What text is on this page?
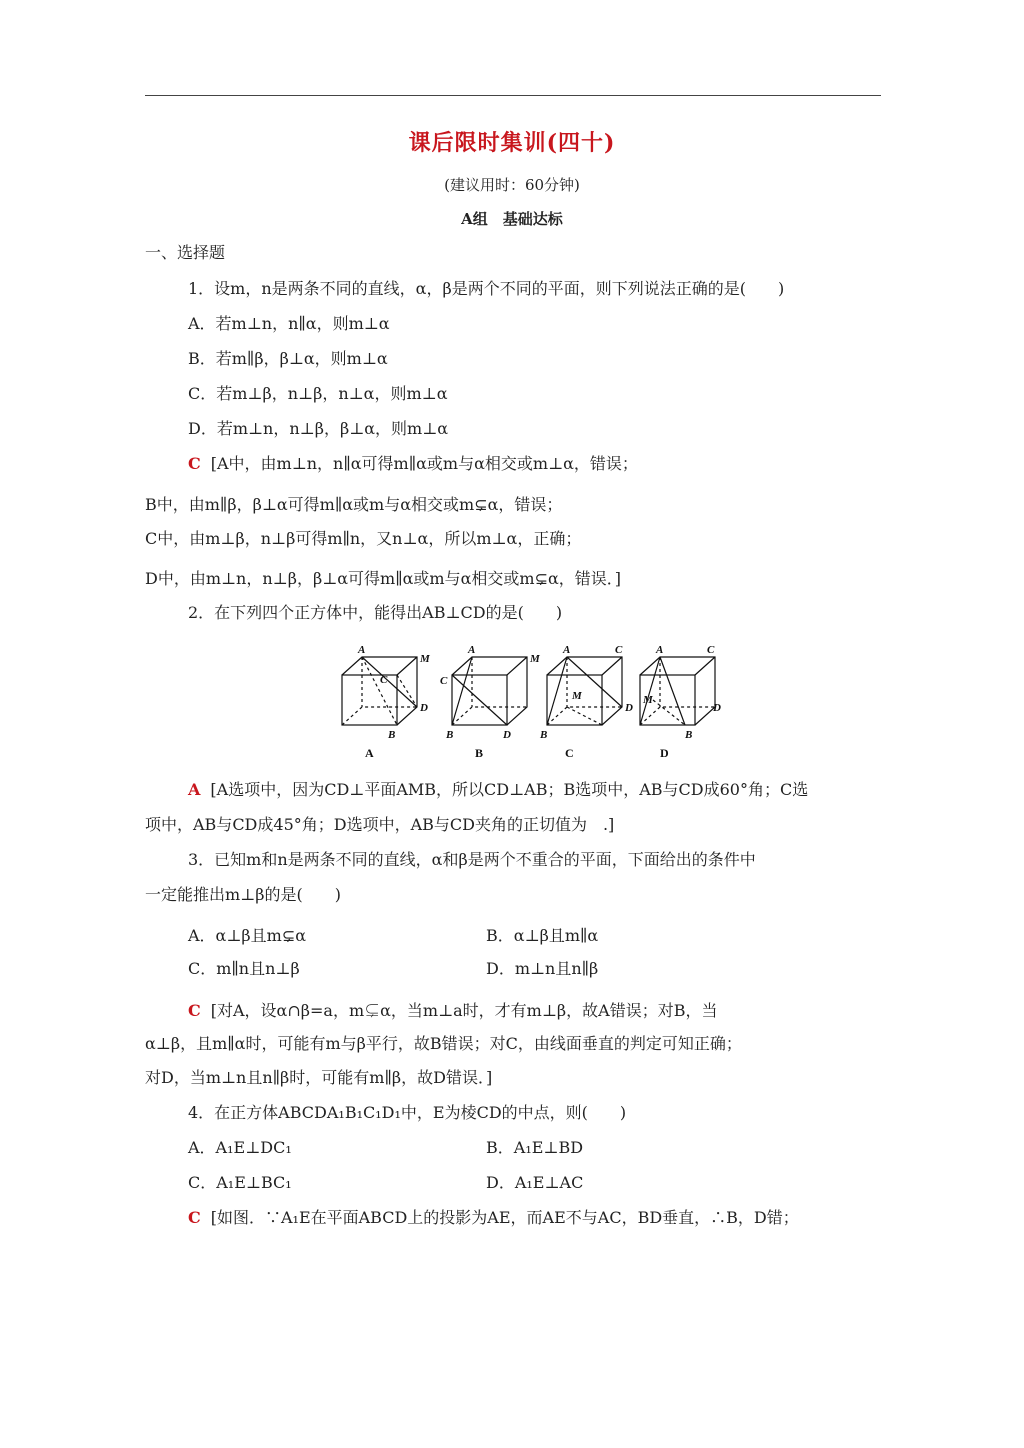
课后限时集训(四十)
(建议用时：60分钟)
A组　基础达标
一、选择题
1．设m，n是两条不同的直线，α，β是两个不同的平面，则下列说法正确的是(　　)
A．若m⊥n，n∥α，则m⊥α
B．若m∥β，β⊥α，则m⊥α
C．若m⊥β，n⊥β，n⊥α，则m⊥α
D．若m⊥n，n⊥β，β⊥α，则m⊥α
C [A中，由m⊥n，n∥α可得m∥α或m与α相交或m⊥α，错误；
B中，由m∥β，β⊥α可得m∥α或m与α相交或m⊊α，错误；
C中，由m⊥β，n⊥β可得m∥n，又n⊥α，所以m⊥α，正确；
D中，由m⊥n，n⊥β，β⊥α可得m∥α或m与α相交或m⊊α，错误．]
2．在下列四个正方体中，能得出AB⊥CD的是(　　)
A
M
C
D
B
A
A
M
C
D
B
B
A	C
M
D
B
C
A	C
M
D
B
D
A [A选项中，因为CD⊥平面AMB，所以CD⊥AB；B选项中，AB与CD成60°角；C选
项中，AB与CD成45°角；D选项中，AB与CD夹角的正切值为　.]
3．已知m和n是两条不同的直线，α和β是两个不重合的平面，下面给出的条件中
一定能推出m⊥β的是(　　)
A．α⊥β且m⊊α	B．α⊥β且m∥α
C．m∥n且n⊥β	D．m⊥n且n∥β
C [对A，设α∩β=a，m⊊α，当m⊥a时，才有m⊥β，故A错误；对B，当
α⊥β，且m∥α时，可能有m与β平行，故B错误；对C，由线面垂直的判定可知正确；
对D，当m⊥n且n∥β时，可能有m∥β，故D错误．]
4．在正方体ABCDA₁B₁C₁D₁中，E为棱CD的中点，则(　　)
A．A₁E⊥DC₁	B．A₁E⊥BD
C．A₁E⊥BC₁	D．A₁E⊥AC
C [如图．∵A₁E在平面ABCD上的投影为AE，而AE不与AC，BD垂直，∴B，D错；
